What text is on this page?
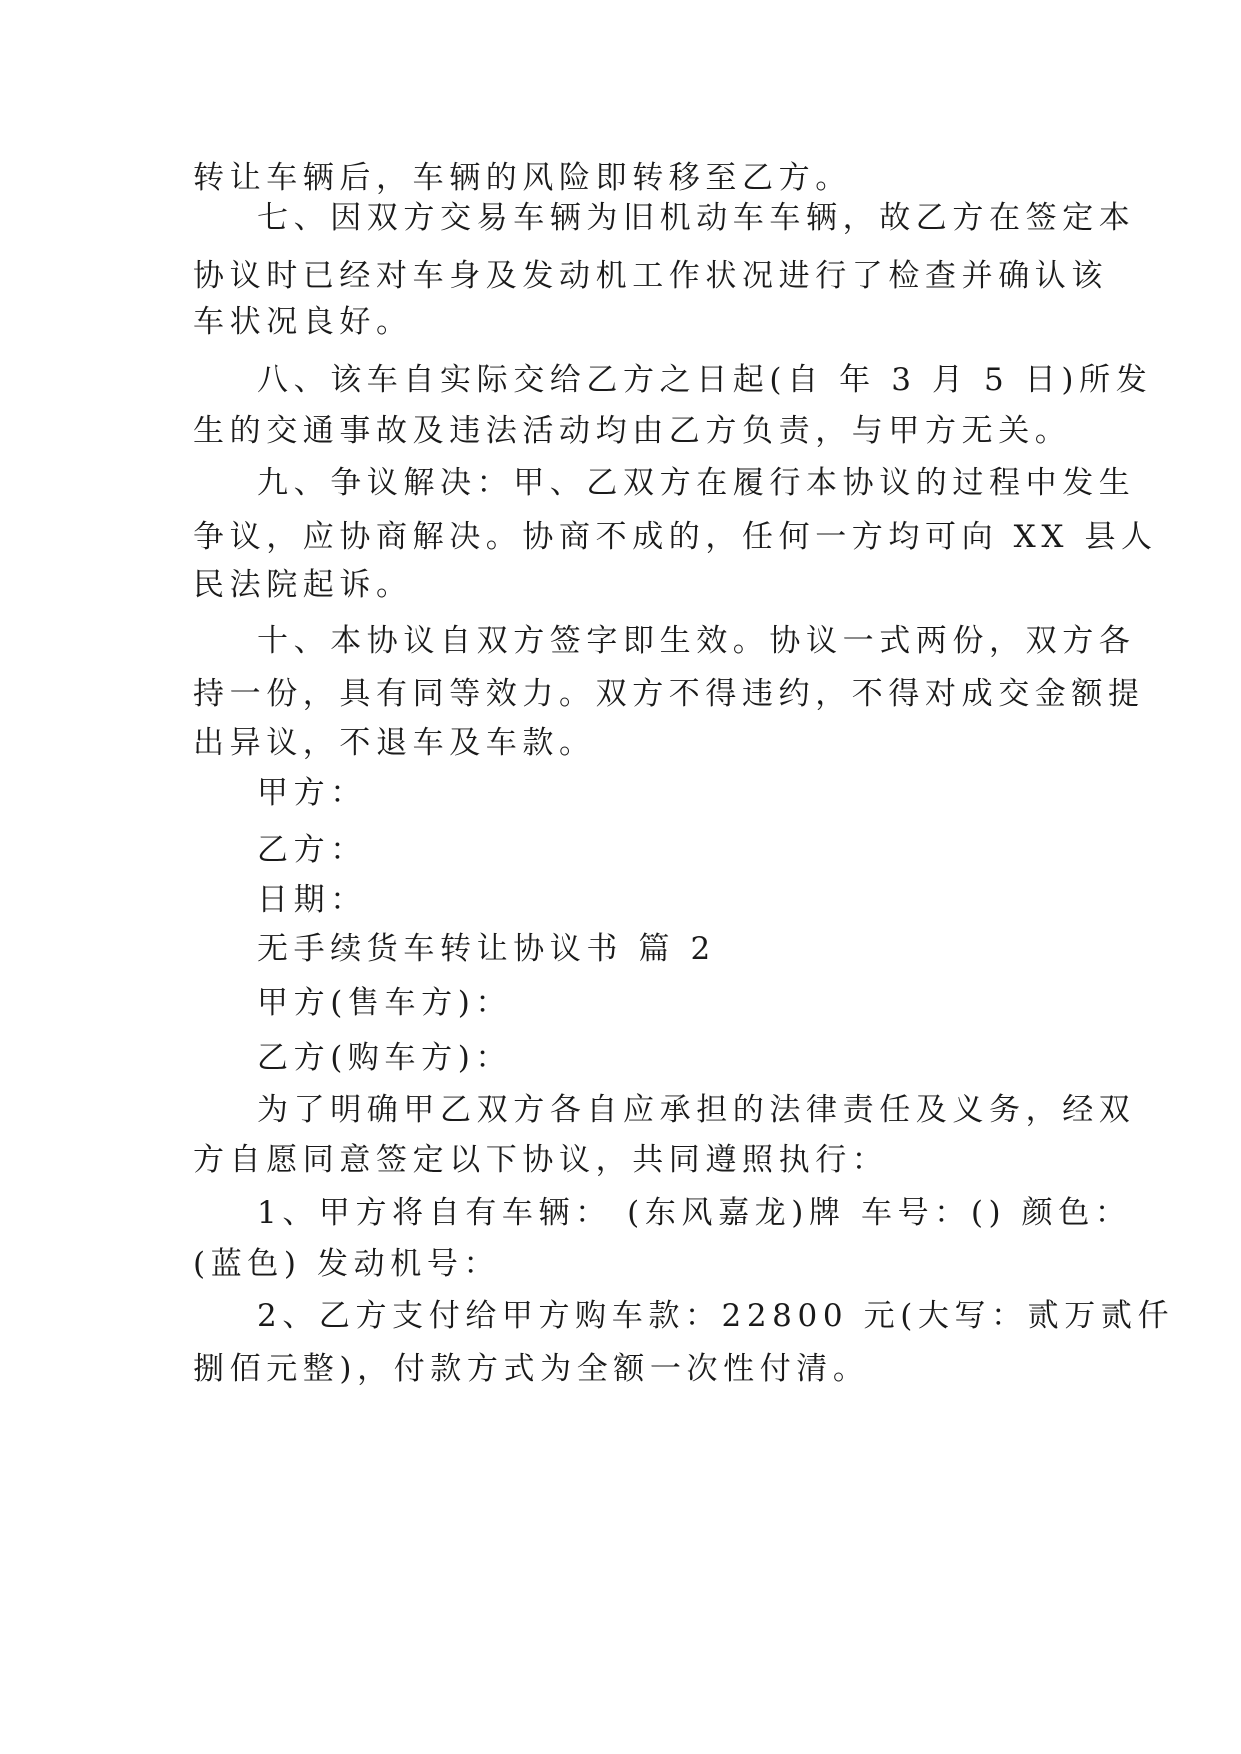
转让车辆后，车辆的风险即转移至乙方。
七、因双方交易车辆为旧机动车车辆，故乙方在签定本
协议时已经对车身及发动机工作状况进行了检查并确认该
车状况良好。
八、该车自实际交给乙方之日起(自 年 3 月 5 日)所发
生的交通事故及违法活动均由乙方负责，与甲方无关。
九、争议解决：甲、乙双方在履行本协议的过程中发生
争议，应协商解决。协商不成的，任何一方均可向 XX 县人
民法院起诉。
十、本协议自双方签字即生效。协议一式两份，双方各
持一份，具有同等效力。双方不得违约，不得对成交金额提
出异议，不退车及车款。
甲方：
乙方：
日期：
无手续货车转让协议书 篇 2
甲方(售车方)：
乙方(购车方)：
为了明确甲乙双方各自应承担的法律责任及义务，经双
方自愿同意签定以下协议，共同遵照执行：
1、甲方将自有车辆： (东风嘉龙)牌 车号：() 颜色：
(蓝色) 发动机号：
2、乙方支付给甲方购车款：22800 元(大写：贰万贰仟
捌佰元整)，付款方式为全额一次性付清。
